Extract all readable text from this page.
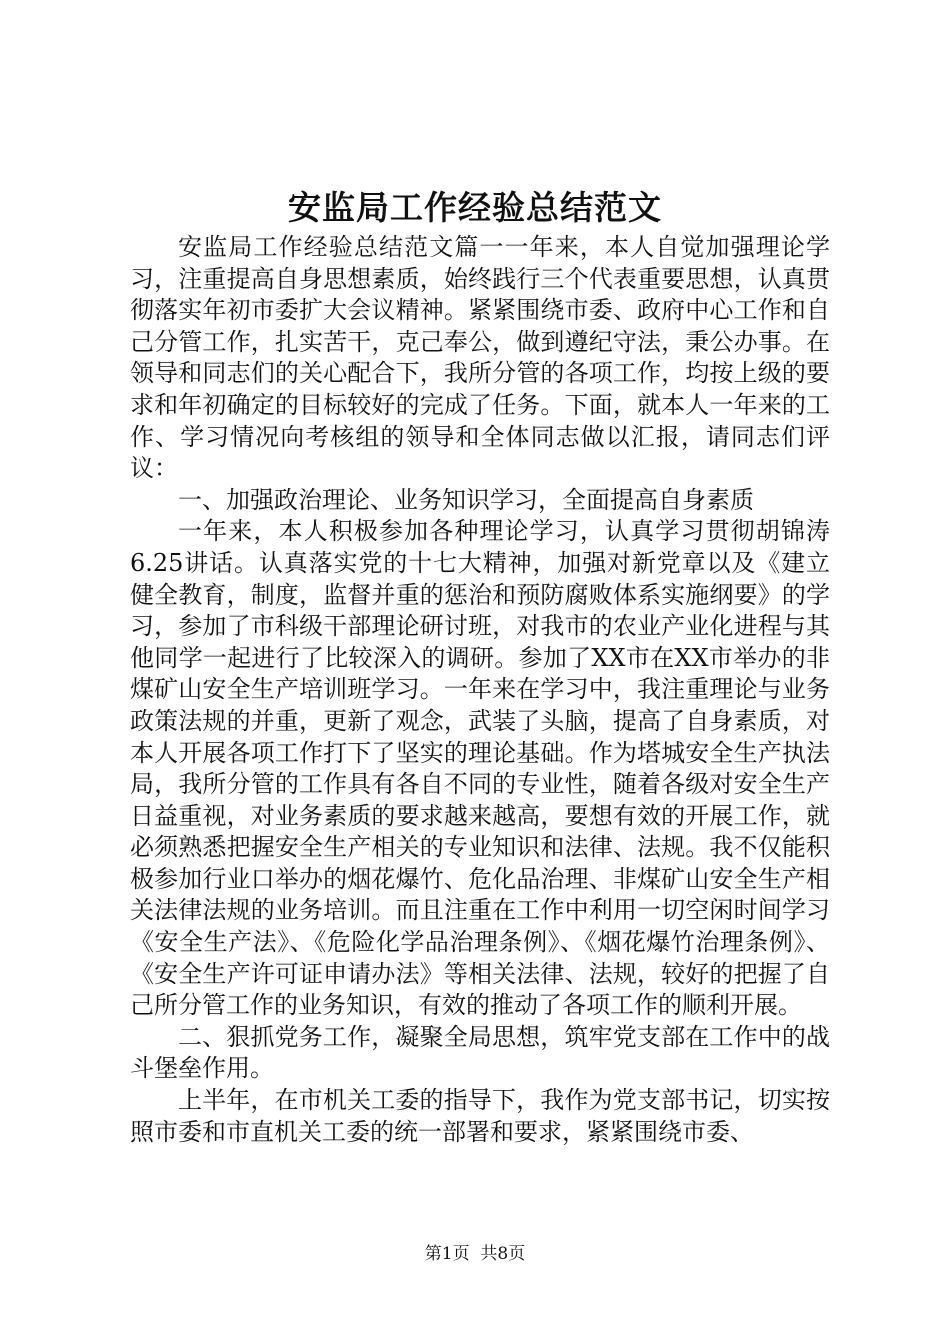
安监局工作经验总结范文

安监局工作经验总结范文篇一一年来，本人自觉加强理论学习，注重提高自身思想素质，始终践行三个代表重要思想，认真贯彻落实年初市委扩大会议精神。紧紧围绕市委、政府中心工作和自己分管工作，扎实苦干，克己奉公，做到遵纪守法，秉公办事。在领导和同志们的关心配合下，我所分管的各项工作，均按上级的要求和年初确定的目标较好的完成了任务。下面，就本人一年来的工作、学习情况向考核组的领导和全体同志做以汇报，请同志们评议：

一、加强政治理论、业务知识学习，全面提高自身素质

一年来，本人积极参加各种理论学习，认真学习贯彻胡锦涛6.25讲话。认真落实党的十七大精神，加强对新党章以及《建立健全教育，制度，监督并重的惩治和预防腐败体系实施纲要》的学习，参加了市科级干部理论研讨班，对我市的农业产业化进程与其他同学一起进行了比较深入的调研。参加了XX市在XX市举办的非煤矿山安全生产培训班学习。一年来在学习中，我注重理论与业务政策法规的并重，更新了观念，武装了头脑，提高了自身素质，对本人开展各项工作打下了坚实的理论基础。作为塔城安全生产执法局，我所分管的工作具有各自不同的专业性，随着各级对安全生产日益重视，对业务素质的要求越来越高，要想有效的开展工作，就必须熟悉把握安全生产相关的专业知识和法律、法规。我不仅能积极参加行业口举办的烟花爆竹、危化品治理、非煤矿山安全生产相关法律法规的业务培训。而且注重在工作中利用一切空闲时间学习《安全生产法》、《危险化学品治理条例》、《烟花爆竹治理条例》、《安全生产许可证申请办法》等相关法律、法规，较好的把握了自己所分管工作的业务知识，有效的推动了各项工作的顺利开展。

二、狠抓党务工作，凝聚全局思想，筑牢党支部在工作中的战斗堡垒作用。

上半年，在市机关工委的指导下，我作为党支部书记，切实按照市委和市直机关工委的统一部署和要求，紧紧围绕市委、

第1页 共8页
